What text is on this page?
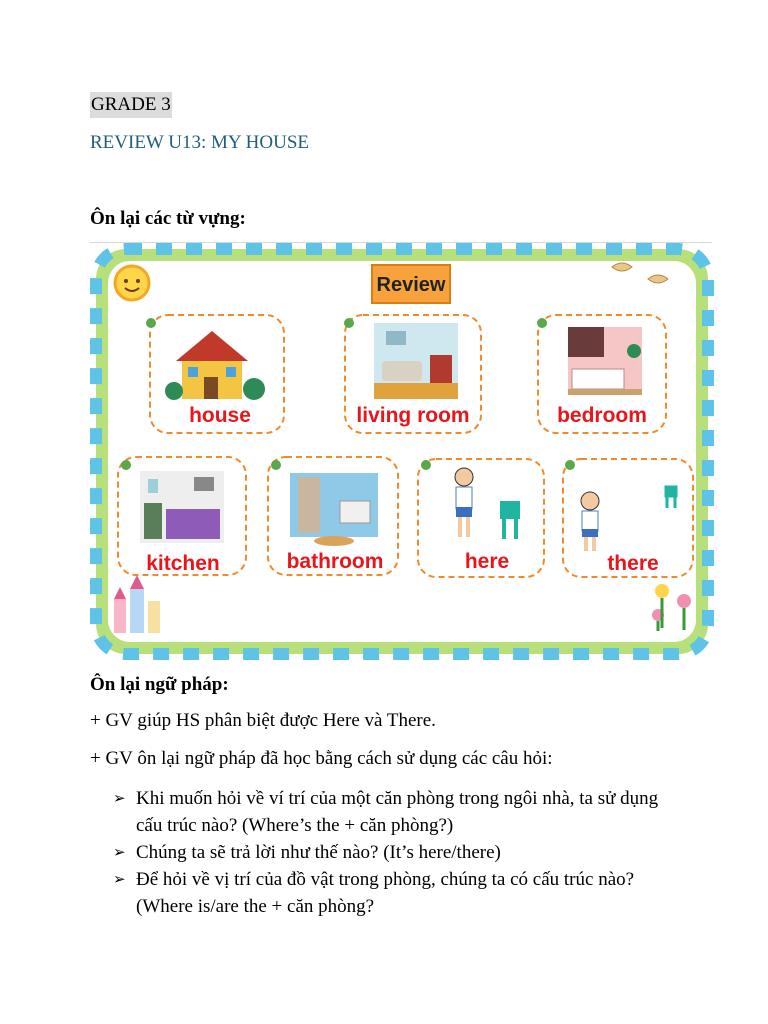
GRADE 3
REVIEW U13: MY HOUSE
Ôn lại các từ vựng:
Review
house	living room	bedroom
kitchen	bathroom	here	there
Ôn lại ngữ pháp:
+ GV giúp HS phân biệt được Here và There.
+ GV ôn lại ngữ pháp đã học bằng cách sử dụng các câu hỏi:
➢ Khi muốn hỏi về ví trí của một căn phòng trong ngôi nhà, ta sử dụng cấu trúc nào? (Where’s the + căn phòng?)
➢ Chúng ta sẽ trả lời như thế nào? (It’s here/there)
➢ Để hỏi về vị trí của đồ vật trong phòng, chúng ta có cấu trúc nào? (Where is/are the + căn phòng?
